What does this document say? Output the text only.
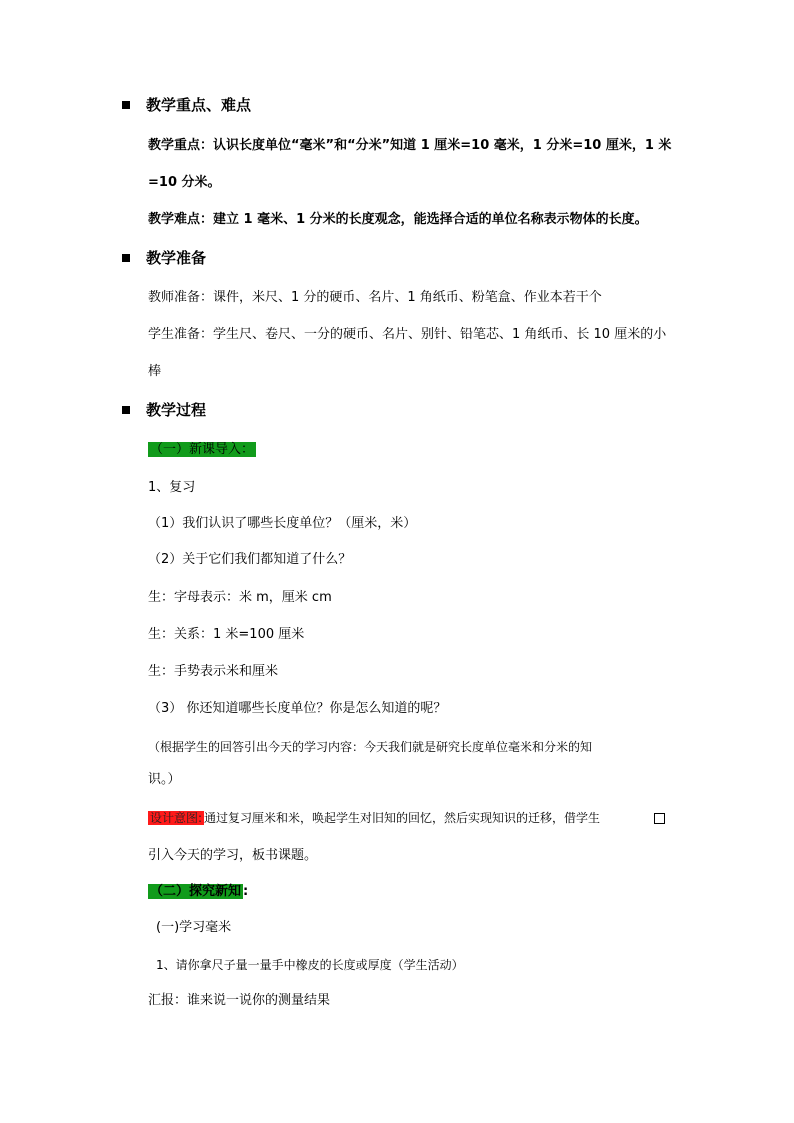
教学重点、难点
教学重点：认识长度单位“毫米”和“分米”知道 1 厘米=10 毫米，1 分米=10 厘米，1 米
=10 分米。
教学难点：建立 1 毫米、1 分米的长度观念，能选择合适的单位名称表示物体的长度。
教学准备
教师准备：课件，米尺、1 分的硬币、名片、1 角纸币、粉笔盒、作业本若干个
学生准备：学生尺、卷尺、一分的硬币、名片、别针、铅笔芯、1 角纸币、长 10 厘米的小
棒
教学过程
（一）新课导入：
1、复习
（1）我们认识了哪些长度单位？（厘米，米）
（2）关于它们我们都知道了什么？
生：字母表示：米 m，厘米 cm
生：关系：1 米=100 厘米
生：手势表示米和厘米
（3） 你还知道哪些长度单位？你是怎么知道的呢？
（根据学生的回答引出今天的学习内容：今天我们就是研究长度单位毫米和分米的知
识。）
设计意图: 通过复习厘米和米，唤起学生对旧知的回忆，然后实现知识的迁移，借学生
引入今天的学习，板书课题。
（二）探究新知 :
(一)学习毫米
1、请你拿尺子量一量手中橡皮的长度或厚度（学生活动）
汇报：谁来说一说你的测量结果
